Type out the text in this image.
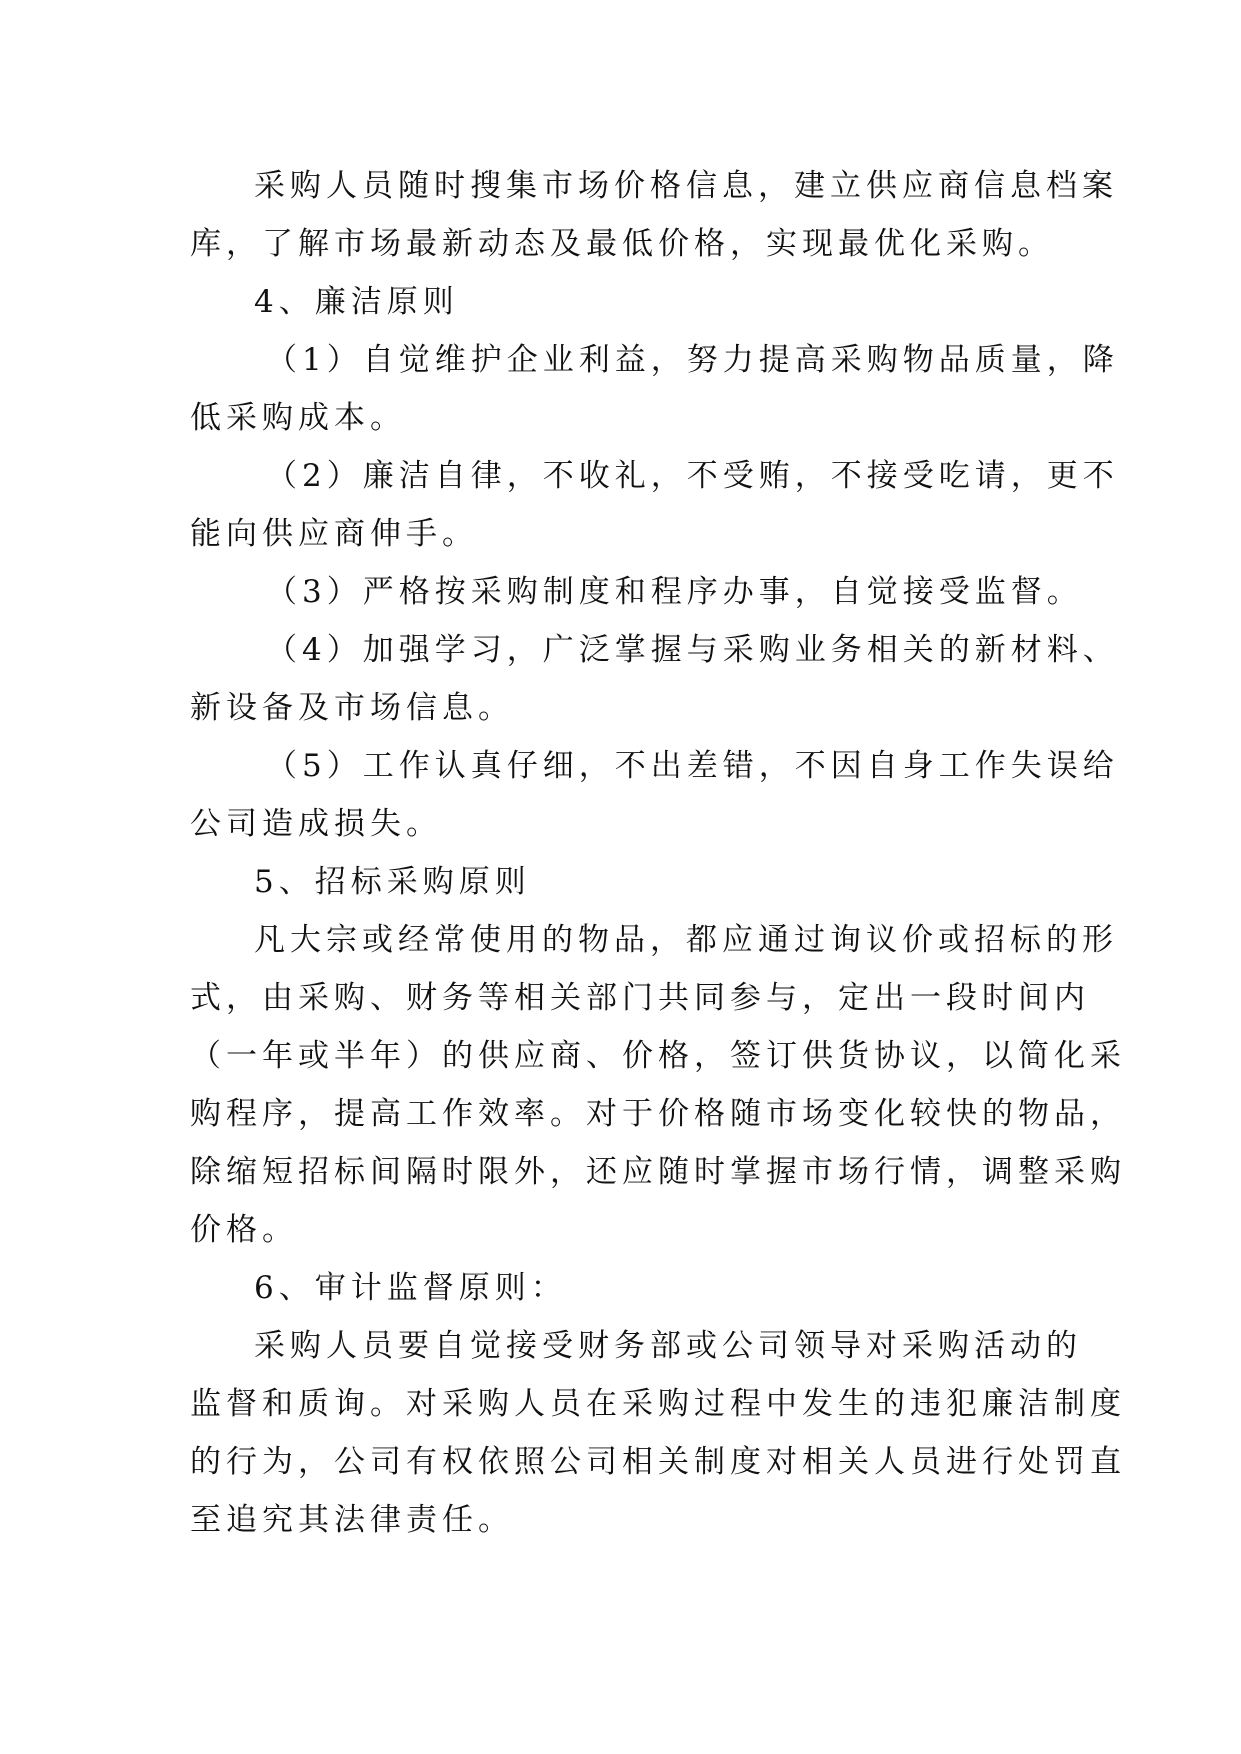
采购人员随时搜集市场价格信息，建立供应商信息档案
库，了解市场最新动态及最低价格，实现最优化采购。
4、廉洁原则
（1）自觉维护企业利益，努力提高采购物品质量，降
低采购成本。
（2）廉洁自律，不收礼，不受贿，不接受吃请，更不
能向供应商伸手。
（3）严格按采购制度和程序办事，自觉接受监督。
（4）加强学习，广泛掌握与采购业务相关的新材料、
新设备及市场信息。
（5）工作认真仔细，不出差错，不因自身工作失误给
公司造成损失。
5、招标采购原则
凡大宗或经常使用的物品，都应通过询议价或招标的形
式，由采购、财务等相关部门共同参与，定出一段时间内
（一年或半年）的供应商、价格，签订供货协议，以简化采
购程序，提高工作效率。对于价格随市场变化较快的物品，
除缩短招标间隔时限外，还应随时掌握市场行情，调整采购
价格。
6、审计监督原则：
采购人员要自觉接受财务部或公司领导对采购活动的
监督和质询。对采购人员在采购过程中发生的违犯廉洁制度
的行为，公司有权依照公司相关制度对相关人员进行处罚直
至追究其法律责任。
